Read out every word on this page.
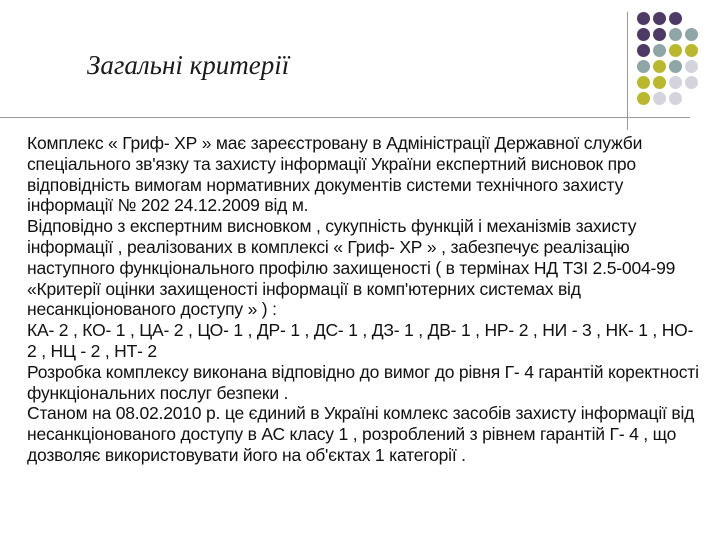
Загальні критерії

Комплекс « Гриф- ХР » має зареєстровану в Адміністрації Державної служби спеціального зв'язку та захисту інформації України експертний висновок про відповідність вимогам нормативних документів системи технічного захисту інформації № 202 24.12.2009 від м.

Відповідно з експертним висновком , сукупність функцій і механізмів захисту інформації , реалізованих в комплексі « Гриф- ХР » , забезпечує реалізацію наступного функціонального профілю захищеності ( в термінах НД ТЗІ 2.5-004-99 «Критерії оцінки захищеності інформації в комп'ютерних системах від несанкціонованого доступу » ) :

КА- 2 , КО- 1 , ЦА- 2 , ЦО- 1 , ДР- 1 , ДС- 1 , ДЗ- 1 , ДВ- 1 , НР- 2 , НИ - 3 , НК- 1 , НО- 2 , НЦ - 2 , НТ- 2

Розробка комплексу виконана відповідно до вимог до рівня Г- 4 гарантій коректності функціональних послуг безпеки .

Станом на 08.02.2010 р. це єдиний в Україні комлекс засобів захисту інформації від несанкціонованого доступу в АС класу 1 , розроблений з рівнем гарантій Г- 4 , що дозволяє використовувати його на об'єктах 1 категорії .
